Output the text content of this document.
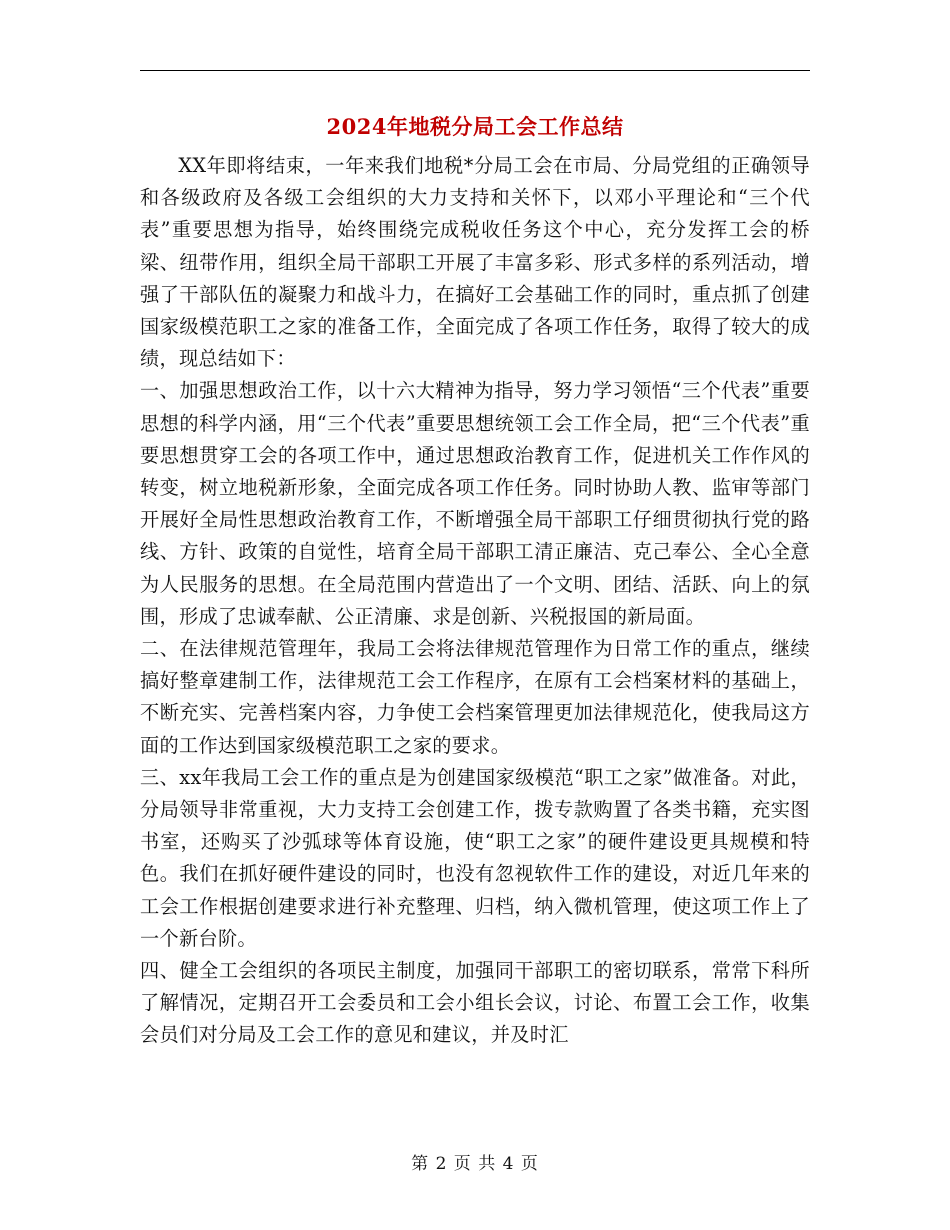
2024年地税分局工会工作总结

XX年即将结束，一年来我们地税*分局工会在市局、分局党组的正确领导和各级政府及各级工会组织的大力支持和关怀下，以邓小平理论和“三个代表”重要思想为指导，始终围绕完成税收任务这个中心，充分发挥工会的桥梁、纽带作用，组织全局干部职工开展了丰富多彩、形式多样的系列活动，增强了干部队伍的凝聚力和战斗力，在搞好工会基础工作的同时，重点抓了创建国家级模范职工之家的准备工作，全面完成了各项工作任务，取得了较大的成绩，现总结如下：

一、加强思想政治工作，以十六大精神为指导，努力学习领悟“三个代表”重要思想的科学内涵，用“三个代表”重要思想统领工会工作全局，把“三个代表”重要思想贯穿工会的各项工作中，通过思想政治教育工作，促进机关工作作风的转变，树立地税新形象，全面完成各项工作任务。同时协助人教、监审等部门开展好全局性思想政治教育工作，不断增强全局干部职工仔细贯彻执行党的路线、方针、政策的自觉性，培育全局干部职工清正廉洁、克己奉公、全心全意为人民服务的思想。在全局范围内营造出了一个文明、团结、活跃、向上的氛围，形成了忠诚奉献、公正清廉、求是创新、兴税报国的新局面。

二、在法律规范管理年，我局工会将法律规范管理作为日常工作的重点，继续搞好整章建制工作，法律规范工会工作程序，在原有工会档案材料的基础上，不断充实、完善档案内容，力争使工会档案管理更加法律规范化，使我局这方面的工作达到国家级模范职工之家的要求。

三、xx年我局工会工作的重点是为创建国家级模范“职工之家”做准备。对此，分局领导非常重视，大力支持工会创建工作，拨专款购置了各类书籍，充实图书室，还购买了沙弧球等体育设施，使“职工之家”的硬件建设更具规模和特色。我们在抓好硬件建设的同时，也没有忽视软件工作的建设，对近几年来的工会工作根据创建要求进行补充整理、归档，纳入微机管理，使这项工作上了一个新台阶。

四、健全工会组织的各项民主制度，加强同干部职工的密切联系，常常下科所了解情况，定期召开工会委员和工会小组长会议，讨论、布置工会工作，收集会员们对分局及工会工作的意见和建议，并及时汇

第 2 页 共 4 页
